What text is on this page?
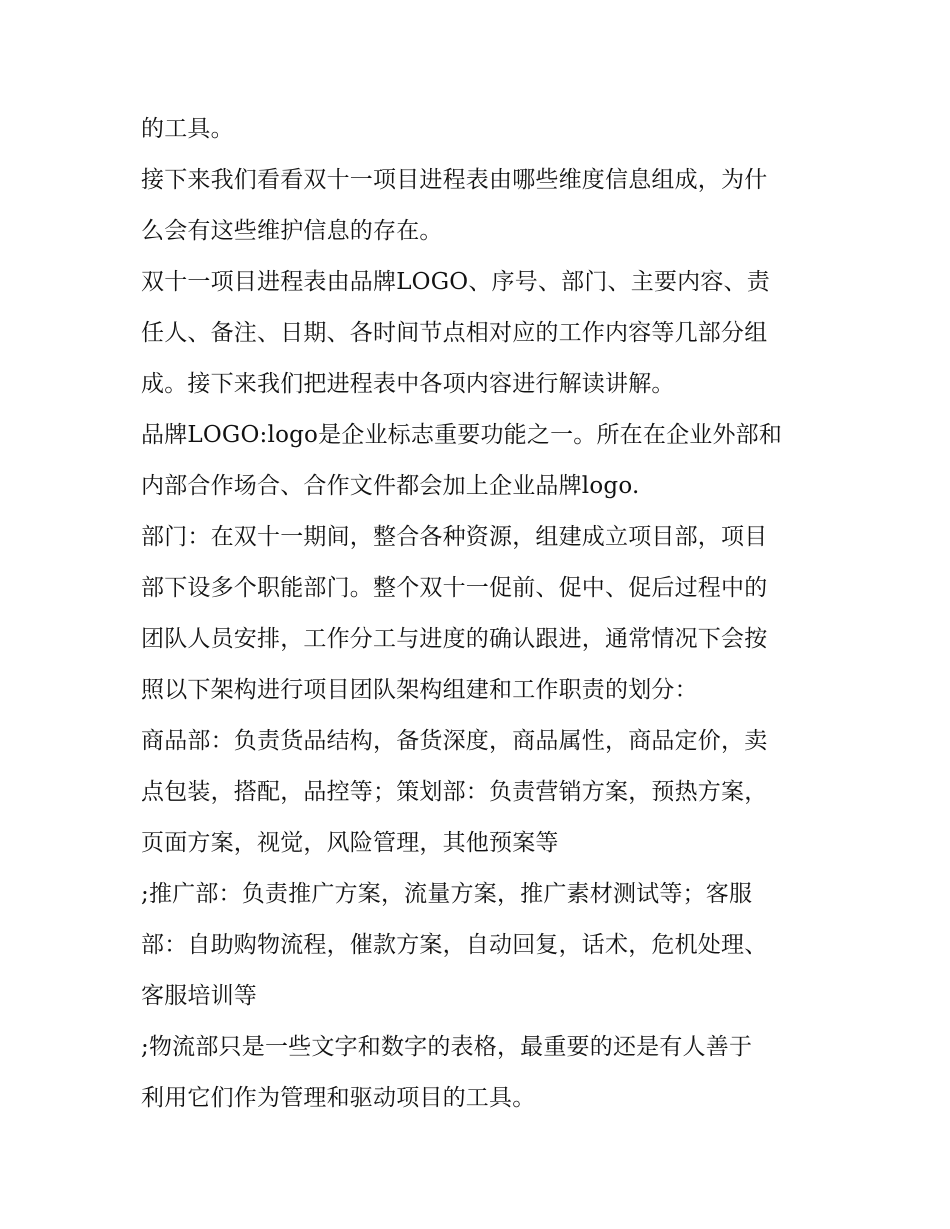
的工具。
接下来我们看看双十一项目进程表由哪些维度信息组成，为什
么会有这些维护信息的存在。
双十一项目进程表由品牌LOGO、序号、部门、主要内容、责
任人、备注、日期、各时间节点相对应的工作内容等几部分组
成。接下来我们把进程表中各项内容进行解读讲解。
品牌LOGO:logo是企业标志重要功能之一。所在在企业外部和
内部合作场合、合作文件都会加上企业品牌logo.
部门：在双十一期间，整合各种资源，组建成立项目部，项目
部下设多个职能部门。整个双十一促前、促中、促后过程中的
团队人员安排，工作分工与进度的确认跟进，通常情况下会按
照以下架构进行项目团队架构组建和工作职责的划分：
商品部：负责货品结构，备货深度，商品属性，商品定价，卖
点包装，搭配，品控等；策划部：负责营销方案，预热方案，
页面方案，视觉，风险管理，其他预案等
;推广部：负责推广方案，流量方案，推广素材测试等；客服
部：自助购物流程，催款方案，自动回复，话术，危机处理、
客服培训等
;物流部只是一些文字和数字的表格，最重要的还是有人善于
利用它们作为管理和驱动项目的工具。
